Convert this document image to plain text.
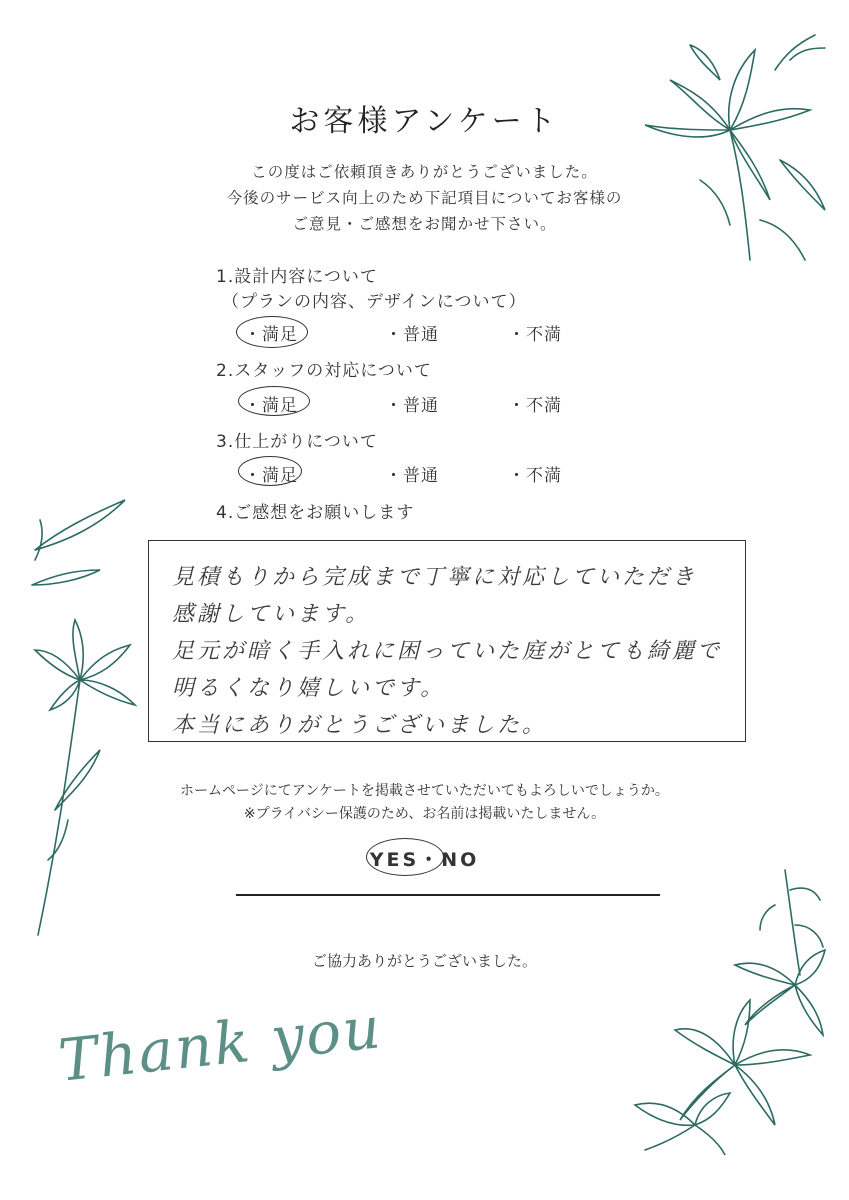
お客様アンケート
この度はご依頼頂きありがとうございました。
今後のサービス向上のため下記項目についてお客様の
ご意見・ご感想をお聞かせ下さい。
1.設計内容について
（プランの内容、デザインについて）
・満足	・普通	・不満
2.スタッフの対応について
・満足	・普通	・不満
3.仕上がりについて
・満足	・普通	・不満
4.ご感想をお願いします
見積もりから完成まで丁寧に対応していただき
感謝しています。
足元が暗く手入れに困っていた庭がとても綺麗で
明るくなり嬉しいです。
本当にありがとうございました。
ホームページにてアンケートを掲載させていただいてもよろしいでしょうか。
※プライバシー保護のため、お名前は掲載いたしません。
YES・NO
ご協力ありがとうございました。
Thank you
